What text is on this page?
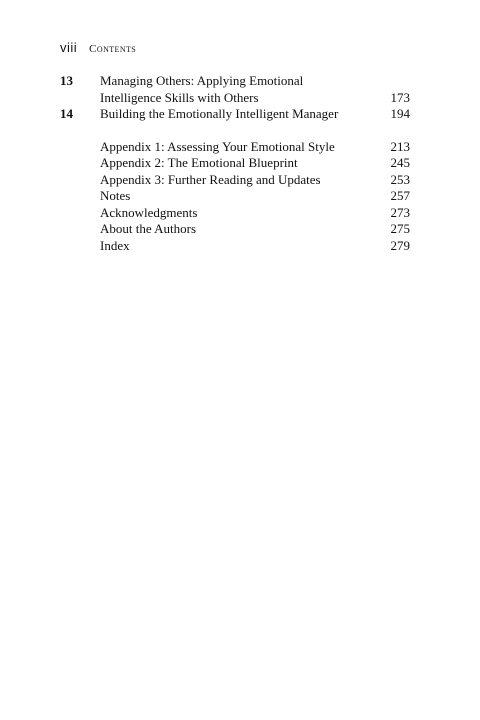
viii Contents
13	Managing Others: Applying Emotional
Intelligence Skills with Others	173
14	Building the Emotionally Intelligent Manager	194
Appendix 1: Assessing Your Emotional Style	213
Appendix 2: The Emotional Blueprint	245
Appendix 3: Further Reading and Updates	253
Notes	257
Acknowledgments	273
About the Authors	275
Index	279
